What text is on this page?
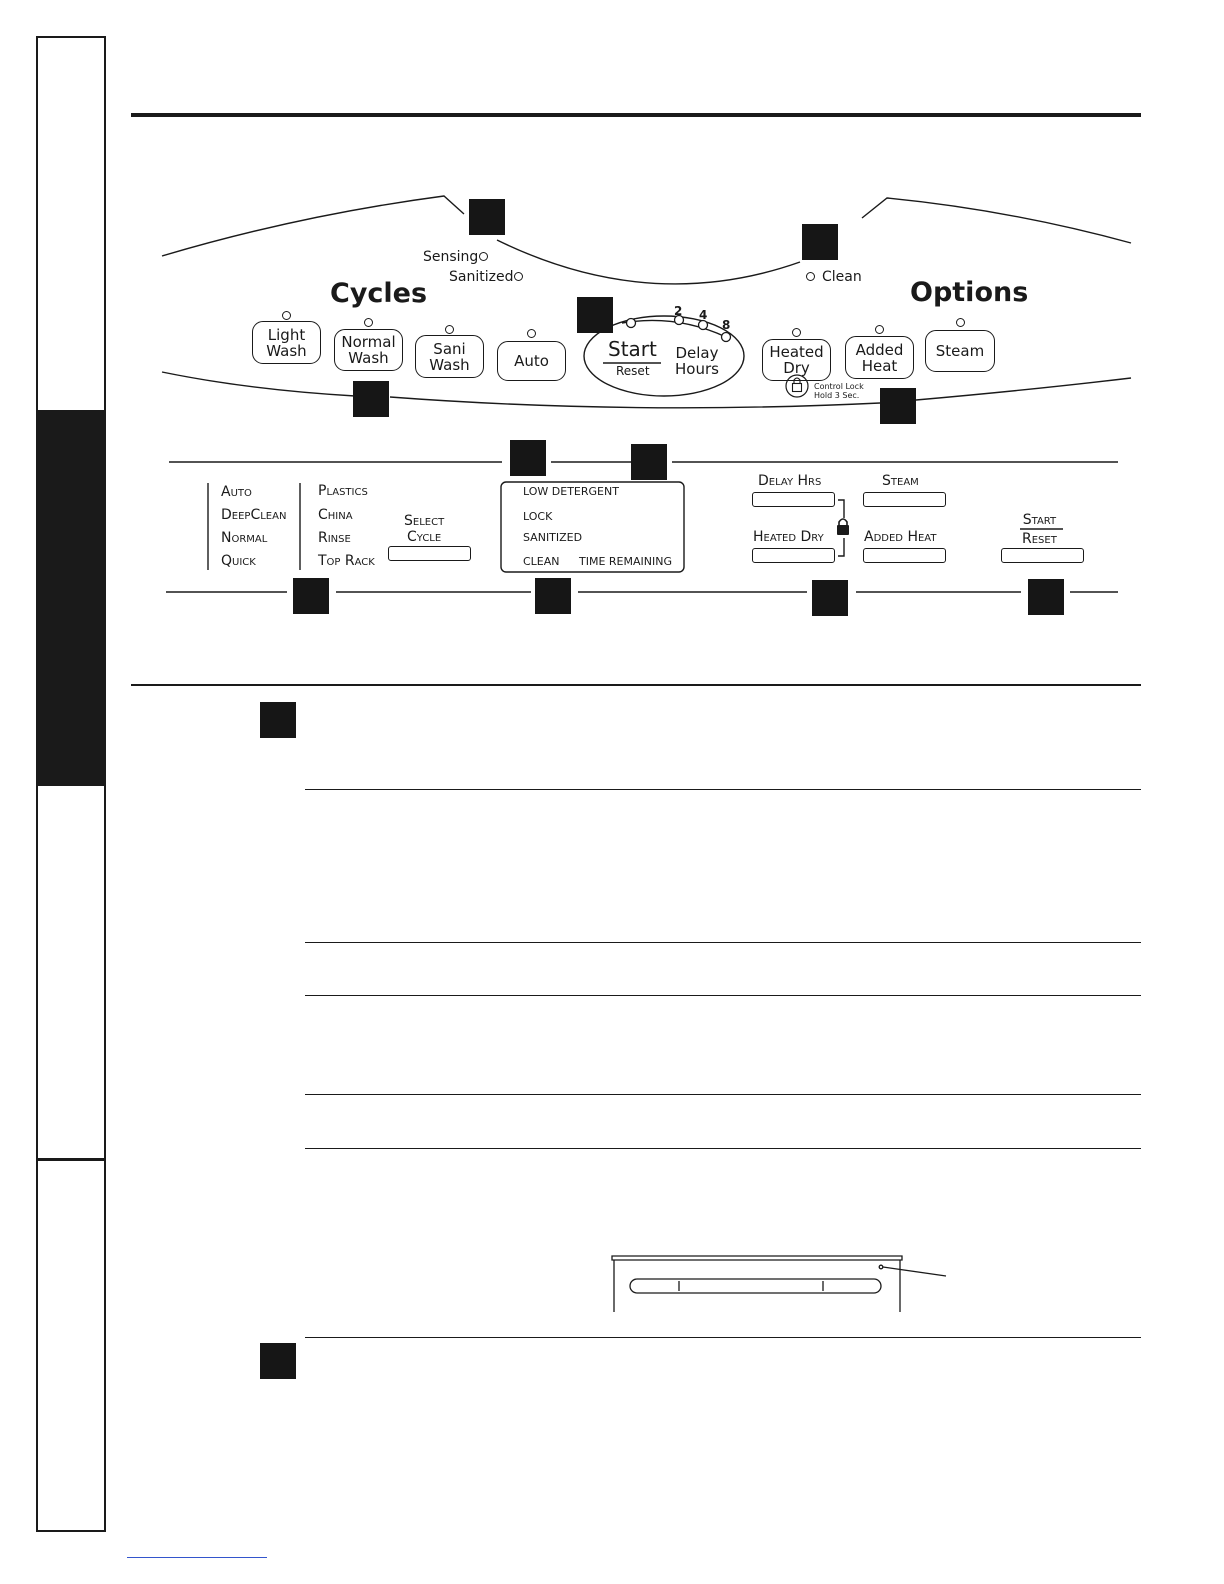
Sensing
Sanitized	Clean
Cycles	Options
Light
Wash Normal
Wash
Sani
Wash	Auto
2 4
8
Start
Reset
Delay
Hours
Heated
Dry
Added
Heat
Steam
Control Lock
Hold 3 Sec.
Auto
DeepClean
Normal
Quick
Plastics
China
Rinse
Top Rack
Select
Cycle
LOW DETERGENT
LOCK
SANITIZED
CLEAN TIME REMAINING
Delay Hrs	Steam
Heated Dry	Added Heat
Start
Reset
